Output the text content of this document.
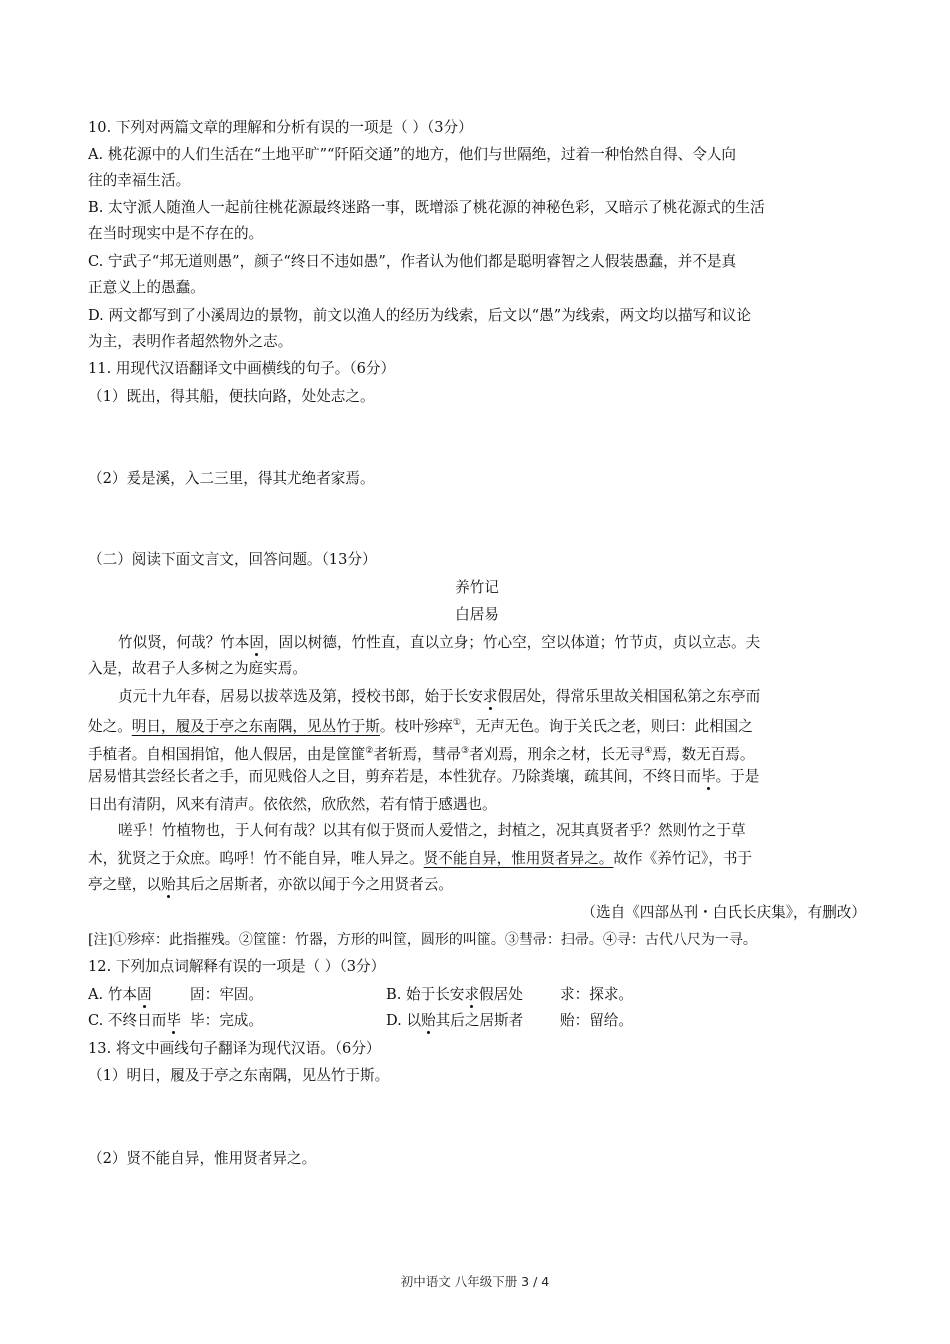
10. 下列对两篇文章的理解和分析有误的一项是（ ）（3分）
A. 桃花源中的人们生活在“土地平旷”“阡陌交通”的地方，他们与世隔绝，过着一种怡然自得、令人向
往的幸福生活。
B. 太守派人随渔人一起前往桃花源最终迷路一事，既增添了桃花源的神秘色彩，又暗示了桃花源式的生活
在当时现实中是不存在的。
C. 宁武子“邦无道则愚”，颜子“终日不违如愚”，作者认为他们都是聪明睿智之人假装愚蠢，并不是真
正意义上的愚蠢。
D. 两文都写到了小溪周边的景物，前文以渔人的经历为线索，后文以“愚”为线索，两文均以描写和议论
为主，表明作者超然物外之志。
11. 用现代汉语翻译文中画横线的句子。（6分）
（1）既出，得其船，便扶向路，处处志之。
（2）爰是溪，入二三里，得其尤绝者家焉。
（二）阅读下面文言文，回答问题。（13分）
养竹记
白居易
竹似贤，何哉？竹本固，固以树德，竹性直，直以立身；竹心空，空以体道；竹节贞，贞以立志。夫
入是，故君子人多树之为庭实焉。
贞元十九年春，居易以拔萃选及第，授校书郎，始于长安求假居处，得常乐里故关相国私第之东亭而
处之。明日，履及于亭之东南隅，见丛竹于斯。枝叶殄瘁①，无声无色。询于关氏之老，则曰：此相国之
手植者。自相国捐馆，他人假居，由是筐篚②者斩焉，彗帚③者刈焉，刑余之材，长无寻④焉，数无百焉。
居易惜其尝经长者之手，而见贱俗人之目，剪弃若是，本性犹存。乃除粪壤，疏其间，不终日而毕。于是
日出有清阴，风来有清声。依依然，欣欣然，若有情于感遇也。
嗟乎！竹植物也，于人何有哉？以其有似于贤而人爱惜之，封植之，况其真贤者乎？然则竹之于草
木，犹贤之于众庶。呜呼！竹不能自异，唯人异之。贤不能自异，惟用贤者异之。故作《养竹记》，书于
亭之壁，以贻其后之居斯者，亦欲以闻于今之用贤者云。
（选自《四部丛刊・白氏长庆集》，有删改）
[注]①殄瘁：此指摧残。②筐篚：竹器，方形的叫筐，圆形的叫篚。③彗帚：扫帚。④寻：古代八尺为一寻。
12. 下列加点词解释有误的一项是（ ）（3分）
A. 竹本固	固：牢固。	B. 始于长安求假居处	求：探求。
C. 不终日而毕 毕：完成。	D. 以贻其后之居斯者	贻：留给。
13. 将文中画线句子翻译为现代汉语。（6分）
（1）明日，履及于亭之东南隅，见丛竹于斯。
（2）贤不能自异，惟用贤者异之。
初中语文 八年级下册 3 / 4
